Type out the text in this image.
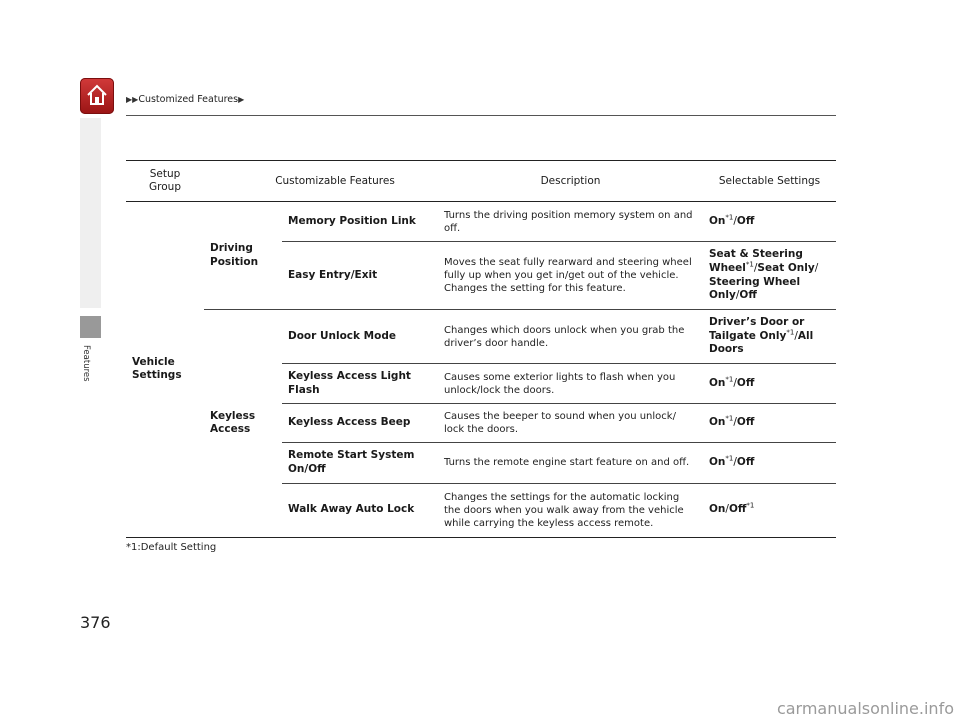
▶▶Customized Features▶
Features
Setup
Group	Customizable Features		Description	Selectable Settings
Vehicle Settings	Driving Position	Memory Position Link	Turns the driving position memory system on and off.	On$^{*1}$/Off
		Easy Entry/Exit	Moves the seat fully rearward and steering wheel fully up when you get in/get out of the vehicle. Changes the setting for this feature.	Seat & Steering Wheel$^{*1}$/Seat Only/ Steering Wheel Only/Off
	Keyless Access	Door Unlock Mode	Changes which doors unlock when you grab the driver’s door handle.	Driver’s Door or Tailgate Only$^{*1}$/All Doors
		Keyless Access Light Flash	Causes some exterior lights to flash when you unlock/lock the doors.	On$^{*1}$/Off
		Keyless Access Beep	Causes the beeper to sound when you unlock/ lock the doors.	On$^{*1}$/Off
		Remote Start System On/Off	Turns the remote engine start feature on and off.	On$^{*1}$/Off
		Walk Away Auto Lock	Changes the settings for the automatic locking the doors when you walk away from the vehicle while carrying the keyless access remote.	On/Off$^{*1}$
*1:Default Setting
376
carmanualsonline.info
